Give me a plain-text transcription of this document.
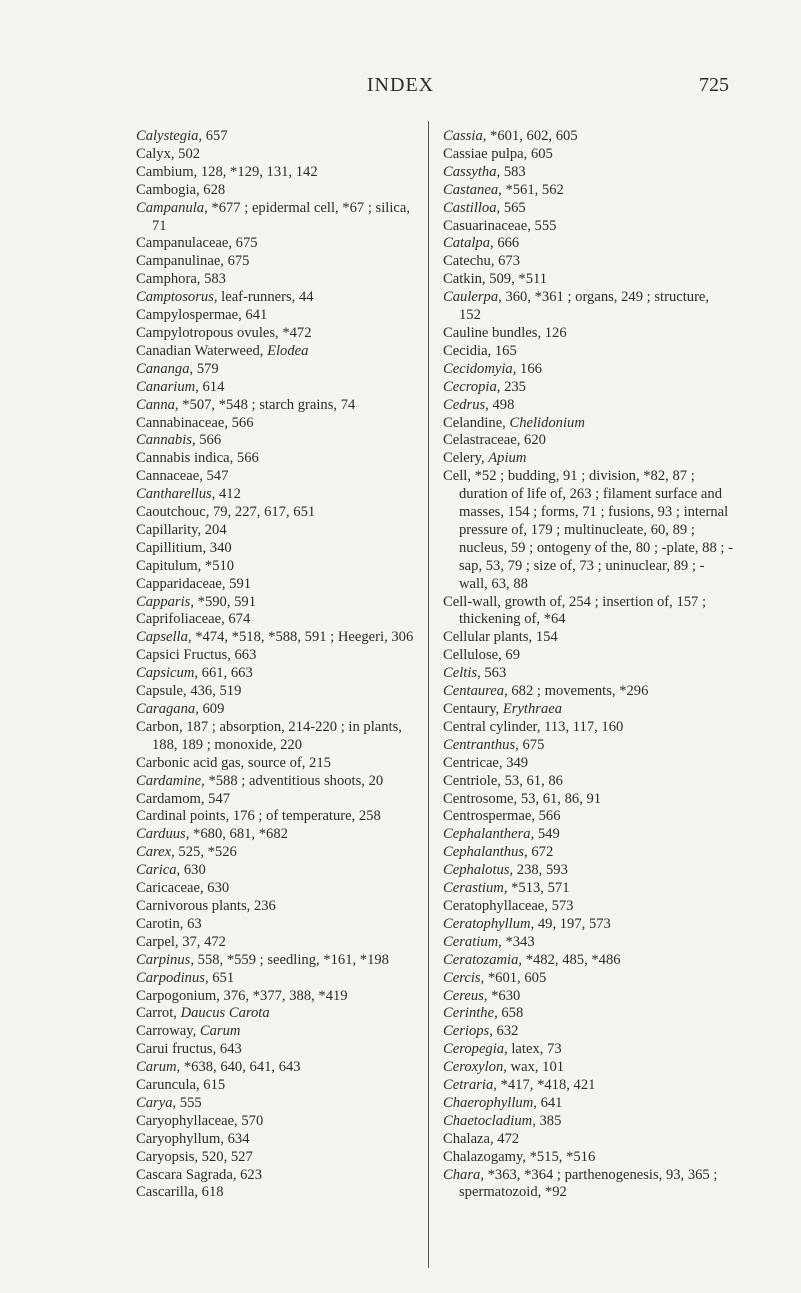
INDEX	725

Calystegia, 657

Calyx, 502

Cambium, 128, *129, 131, 142

Cambogia, 628

Campanula, *677 ; epidermal cell, *67 ; silica, 71

Campanulaceae, 675

Campanulinae, 675

Camphora, 583

Camptosorus, leaf-runners, 44

Campylospermae, 641

Campylotropous ovules, *472

Canadian Waterweed, Elodea

Cananga, 579

Canarium, 614

Canna, *507, *548 ; starch grains, 74

Cannabinaceae, 566

Cannabis, 566

Cannabis indica, 566

Cannaceae, 547

Cantharellus, 412

Caoutchouc, 79, 227, 617, 651

Capillarity, 204

Capillitium, 340

Capitulum, *510

Capparidaceae, 591

Capparis, *590, 591

Caprifoliaceae, 674

Capsella, *474, *518, *588, 591 ; Heegeri, 306

Capsici Fructus, 663

Capsicum, 661, 663

Capsule, 436, 519

Caragana, 609

Carbon, 187 ; absorption, 214-220 ; in plants, 188, 189 ; monoxide, 220

Carbonic acid gas, source of, 215

Cardamine, *588 ; adventitious shoots, 20

Cardamom, 547

Cardinal points, 176 ; of temperature, 258

Carduus, *680, 681, *682

Carex, 525, *526

Carica, 630

Caricaceae, 630

Carnivorous plants, 236

Carotin, 63

Carpel, 37, 472

Carpinus, 558, *559 ; seedling, *161, *198

Carpodinus, 651

Carpogonium, 376, *377, 388, *419

Carrot, Daucus Carota

Carroway, Carum

Carui fructus, 643

Carum, *638, 640, 641, 643

Caruncula, 615

Carya, 555

Caryophyllaceae, 570

Caryophyllum, 634

Caryopsis, 520, 527

Cascara Sagrada, 623

Cascarilla, 618

Cassia, *601, 602, 605

Cassiae pulpa, 605

Cassytha, 583

Castanea, *561, 562

Castilloa, 565

Casuarinaceae, 555

Catalpa, 666

Catechu, 673

Catkin, 509, *511

Caulerpa, 360, *361 ; organs, 249 ; structure, 152

Cauline bundles, 126

Cecidia, 165

Cecidomyia, 166

Cecropia, 235

Cedrus, 498

Celandine, Chelidonium

Celastraceae, 620

Celery, Apium

Cell, *52 ; budding, 91 ; division, *82, 87 ; duration of life of, 263 ; filament surface and masses, 154 ; forms, 71 ; fusions, 93 ; internal pressure of, 179 ; multinucleate, 60, 89 ; nucleus, 59 ; ontogeny of the, 80 ; -plate, 88 ; -sap, 53, 79 ; size of, 73 ; uninuclear, 89 ; -wall, 63, 88

Cell-wall, growth of, 254 ; insertion of, 157 ; thickening of, *64

Cellular plants, 154

Cellulose, 69

Celtis, 563

Centaurea, 682 ; movements, *296

Centaury, Erythraea

Central cylinder, 113, 117, 160

Centranthus, 675

Centricae, 349

Centriole, 53, 61, 86

Centrosome, 53, 61, 86, 91

Centrospermae, 566

Cephalanthera, 549

Cephalanthus, 672

Cephalotus, 238, 593

Cerastium, *513, 571

Ceratophyllaceae, 573

Ceratophyllum, 49, 197, 573

Ceratium, *343

Ceratozamia, *482, 485, *486

Cercis, *601, 605

Cereus, *630

Cerinthe, 658

Ceriops, 632

Ceropegia, latex, 73

Ceroxylon, wax, 101

Cetraria, *417, *418, 421

Chaerophyllum, 641

Chaetocladium, 385

Chalaza, 472

Chalazogamy, *515, *516

Chara, *363, *364 ; parthenogenesis, 93, 365 ; spermatozoid, *92
